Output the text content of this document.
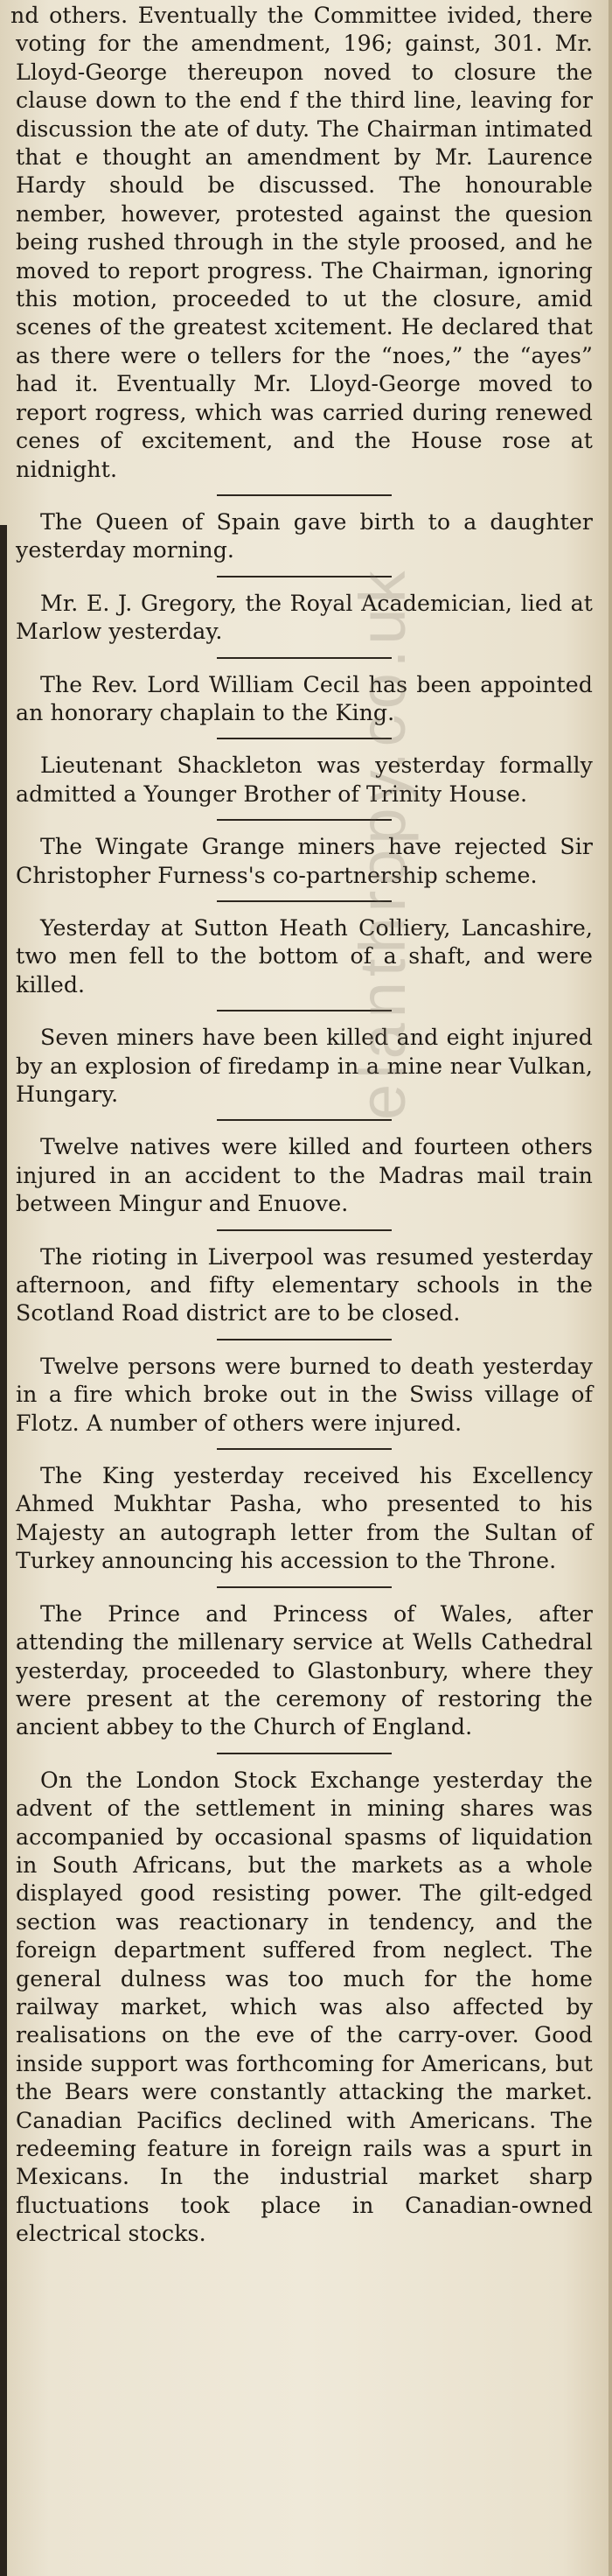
nd others. Eventually the Committee ivided, there voting for the amendment, 196; gainst, 301. Mr. Lloyd-George thereupon noved to closure the clause down to the end f the third line, leaving for discussion the ate of duty. The Chairman intimated that e thought an amendment by Mr. Laurence Hardy should be discussed. The honourable nember, however, protested against the quesion being rushed through in the style proosed, and he moved to report progress. The Chairman, ignoring this motion, proceeded to ut the closure, amid scenes of the greatest xcitement. He declared that as there were o tellers for the “noes,” the “ayes” had it. Eventually Mr. Lloyd-George moved to report rogress, which was carried during renewed cenes of excitement, and the House rose at nidnight.

The Queen of Spain gave birth to a daughter yesterday morning.

Mr. E. J. Gregory, the Royal Academician, lied at Marlow yesterday.

The Rev. Lord William Cecil has been appointed an honorary chaplain to the King.

Lieutenant Shackleton was yesterday formally admitted a Younger Brother of Trinity House.

The Wingate Grange miners have rejected Sir Christopher Furness's co-partnership scheme.

Yesterday at Sutton Heath Colliery, Lancashire, two men fell to the bottom of a shaft, and were killed.

Seven miners have been killed and eight injured by an explosion of firedamp in a mine near Vulkan, Hungary.

Twelve natives were killed and fourteen others injured in an accident to the Madras mail train between Mingur and Enuove.

The rioting in Liverpool was resumed yesterday afternoon, and fifty elementary schools in the Scotland Road district are to be closed.

Twelve persons were burned to death yesterday in a fire which broke out in the Swiss village of Flotz. A number of others were injured.

The King yesterday received his Excellency Ahmed Mukhtar Pasha, who presented to his Majesty an autograph letter from the Sultan of Turkey announcing his accession to the Throne.

The Prince and Princess of Wales, after attending the millenary service at Wells Cathedral yesterday, proceeded to Glastonbury, where they were present at the ceremony of restoring the ancient abbey to the Church of England.

On the London Stock Exchange yesterday the advent of the settlement in mining shares was accompanied by occasional spasms of liquidation in South Africans, but the markets as a whole displayed good resisting power. The gilt-edged section was reactionary in tendency, and the foreign department suffered from neglect. The general dulness was too much for the home railway market, which was also affected by realisations on the eve of the carry-over. Good inside support was forthcoming for Americans, but the Bears were constantly attacking the market. Canadian Pacifics declined with Americans. The redeeming feature in foreign rails was a spurt in Mexicans. In the industrial market sharp fluctuations took place in Canadian-owned electrical stocks.

elanthropy.co.uk
